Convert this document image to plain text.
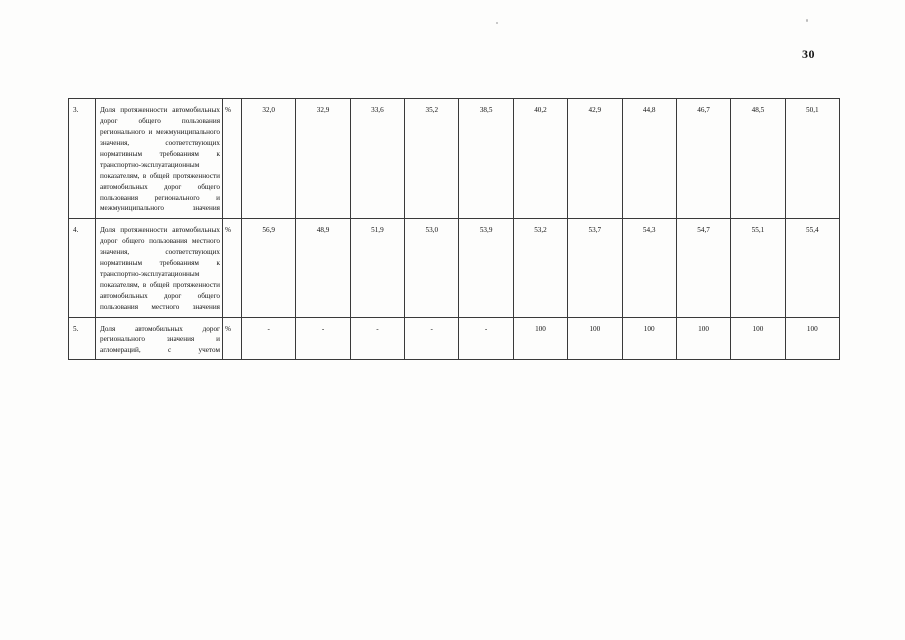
30
3.	Доля протяженности автомобильных дорог общего пользования регионального и межмуниципального значения, соответствующих нормативным требованиям к транспортно-эксплуатационным показателям, в общей протяженности автомобильных дорог общего пользования регионального и межмуниципального значения	%	32,0	32,9	33,6	35,2	38,5	40,2	42,9	44,8	46,7	48,5	50,1
4.	Доля протяженности автомобильных дорог общего пользования местного значения, соответствующих нормативным требованиям к транспортно-эксплуатационным показателям, в общей протяженности автомобильных дорог общего пользования местного значения	%	56,9	48,9	51,9	53,0	53,9	53,2	53,7	54,3	54,7	55,1	55,4
5.	Доля автомобильных дорог регионального значения и агломераций, с учетом	%	-	-	-	-	-	100	100	100	100	100	100
